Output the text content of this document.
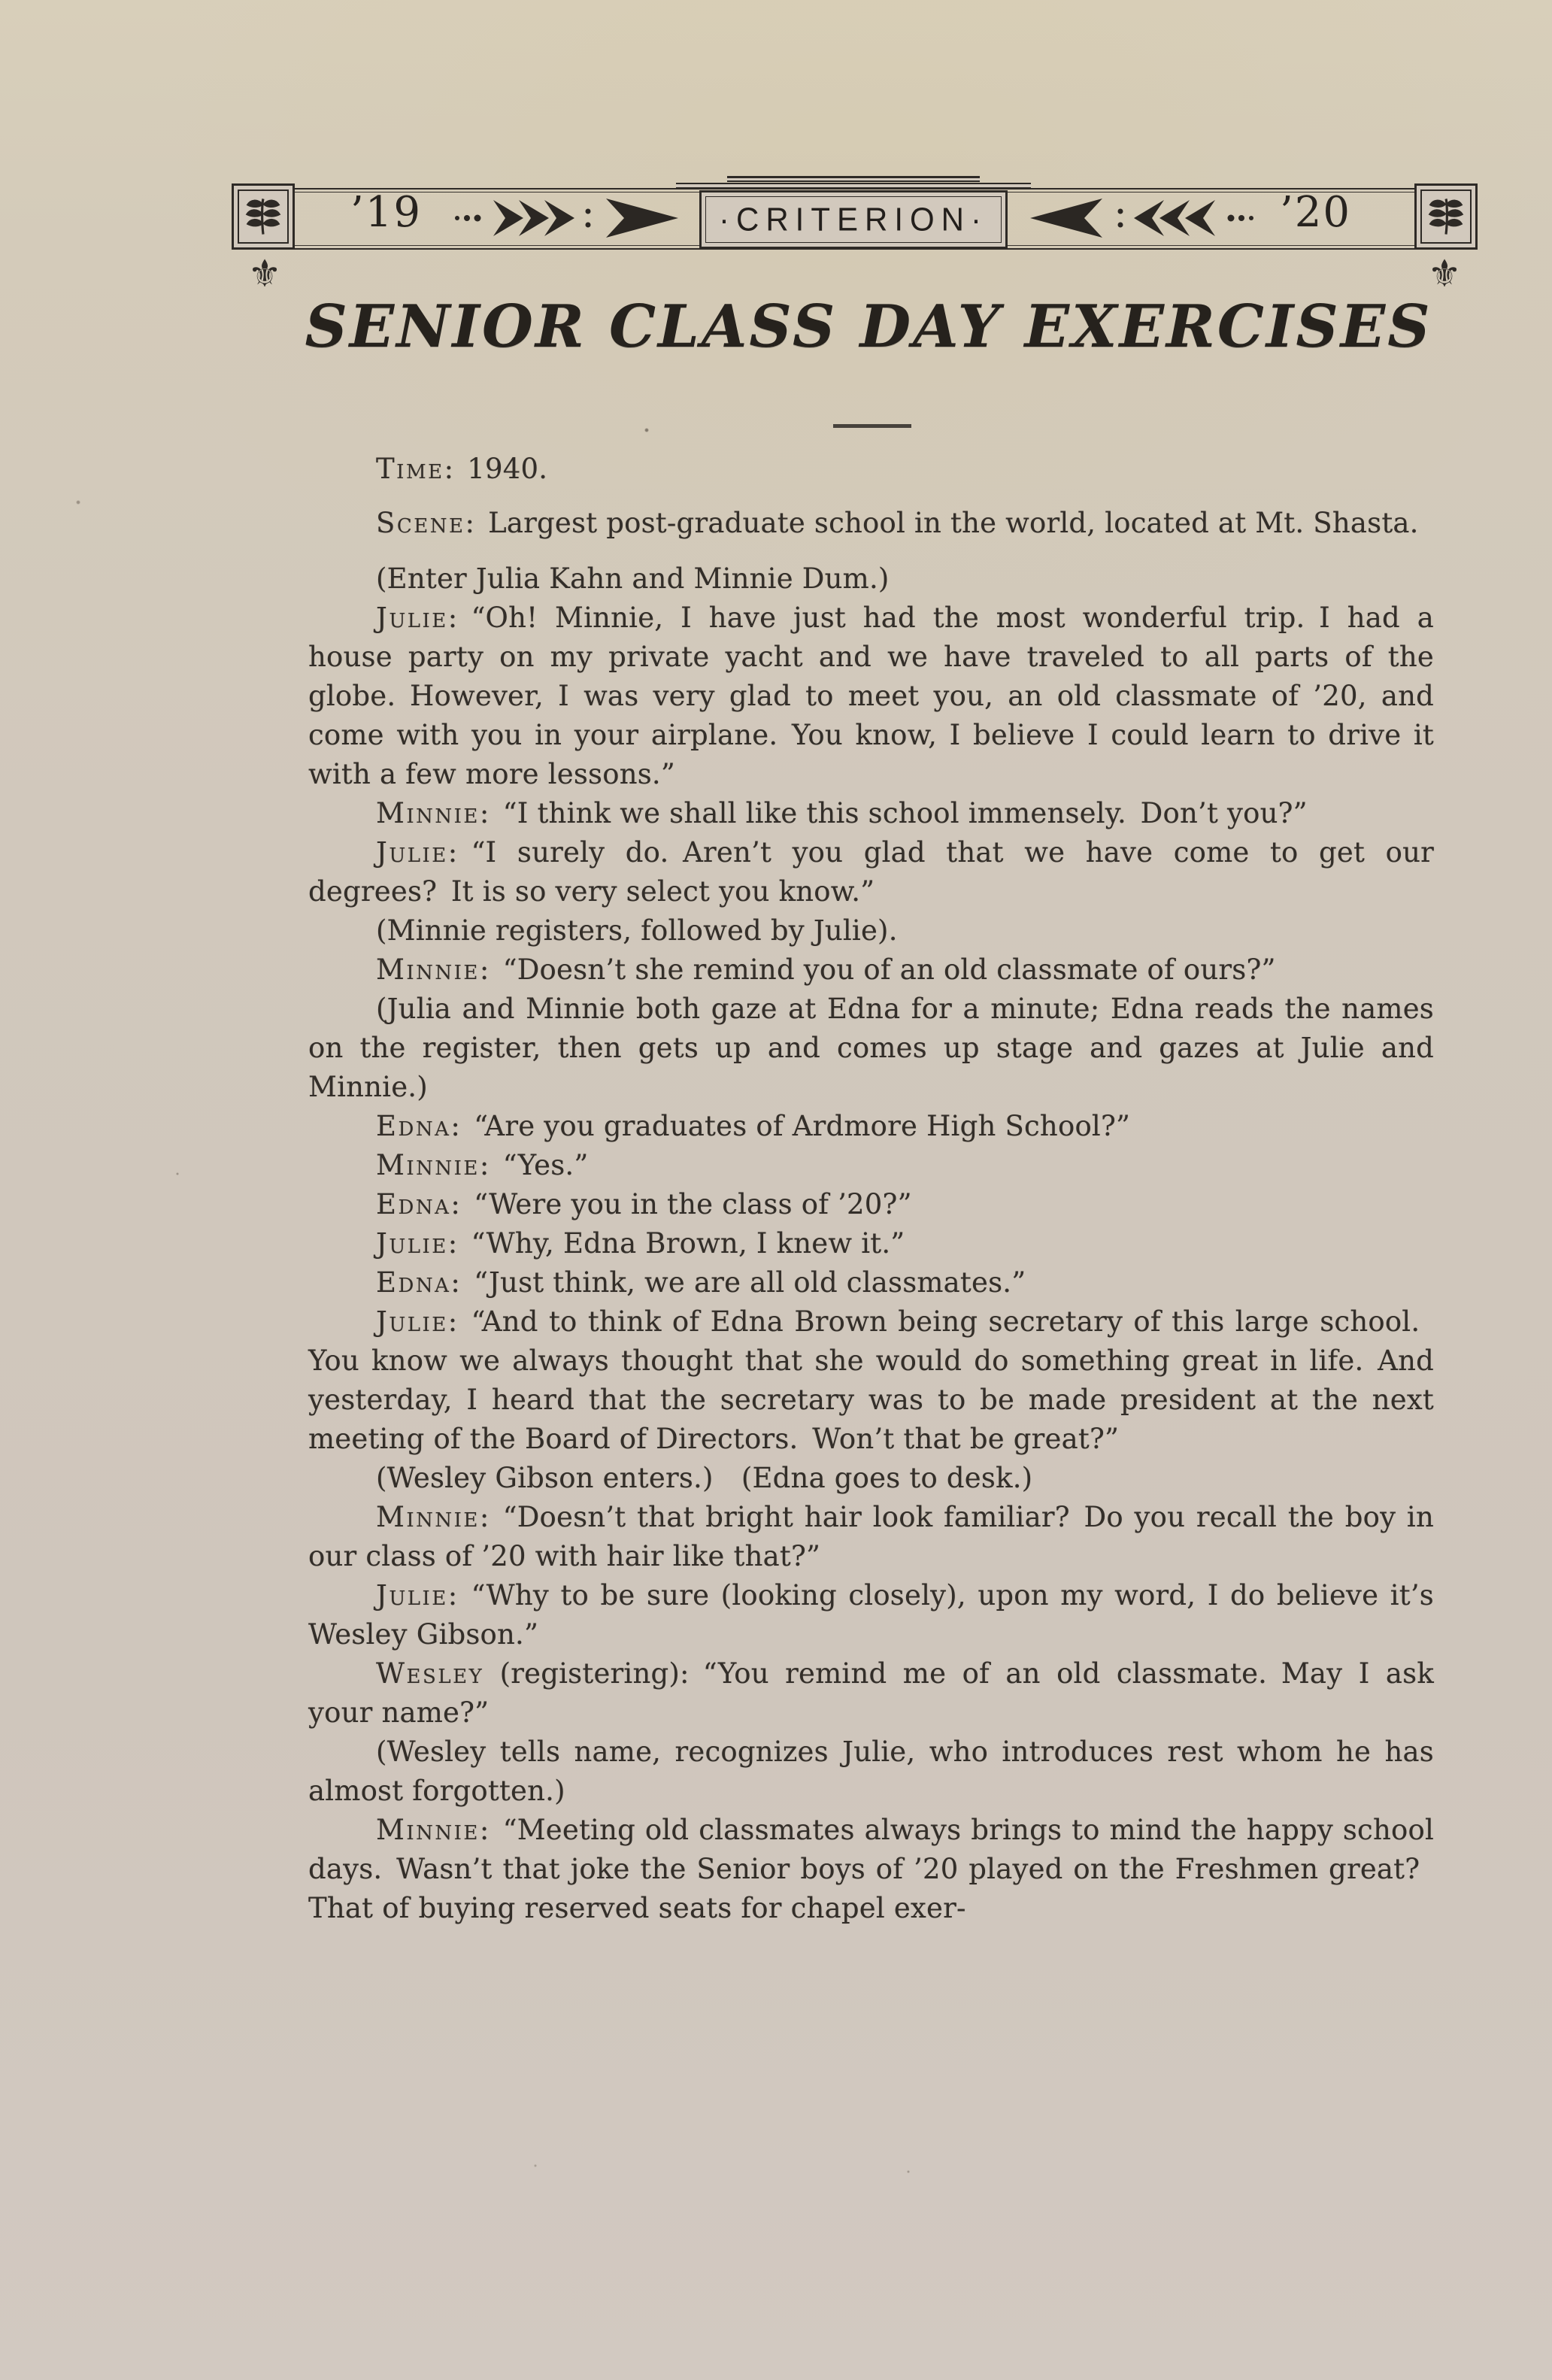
⚜	⚜
’19	’20
·CRITERION·
SENIOR CLASS DAY EXERCISES

Time: 1940.

Scene: Largest post-graduate school in the world, located at Mt. Shasta.

(Enter Julia Kahn and Minnie Dum.)

Julie: “Oh! Minnie, I have just had the most wonderful trip. I had a house party on my private yacht and we have traveled to all parts of the globe. However, I was very glad to meet you, an old classmate of ’20, and come with you in your airplane. You know, I believe I could learn to drive it with a few more lessons.”

Minnie: “I think we shall like this school immensely. Don’t you?”

Julie: “I surely do. Aren’t you glad that we have come to get our degrees? It is so very select you know.”

(Minnie registers, followed by Julie).

Minnie: “Doesn’t she remind you of an old classmate of ours?”

(Julia and Minnie both gaze at Edna for a minute; Edna reads the names on the register, then gets up and comes up stage and gazes at Julie and Minnie.)

Edna: “Are you graduates of Ardmore High School?”

Minnie: “Yes.”

Edna: “Were you in the class of ’20?”

Julie: “Why, Edna Brown, I knew it.”

Edna: “Just think, we are all old classmates.”

Julie: “And to think of Edna Brown being secretary of this large school. You know we always thought that she would do something great in life. And yesterday, I heard that the secretary was to be made president at the next meeting of the Board of Directors. Won’t that be great?”

(Wesley Gibson enters.) (Edna goes to desk.)

Minnie: “Doesn’t that bright hair look familiar? Do you recall the boy in our class of ’20 with hair like that?”

Julie: “Why to be sure (looking closely), upon my word, I do believe it’s Wesley Gibson.”

Wesley (registering): “You remind me of an old classmate. May I ask your name?”

(Wesley tells name, recognizes Julie, who introduces rest whom he has almost forgotten.)

Minnie: “Meeting old classmates always brings to mind the happy school days. Wasn’t that joke the Senior boys of ’20 played on the Freshmen great? That of buying reserved seats for chapel exer-
